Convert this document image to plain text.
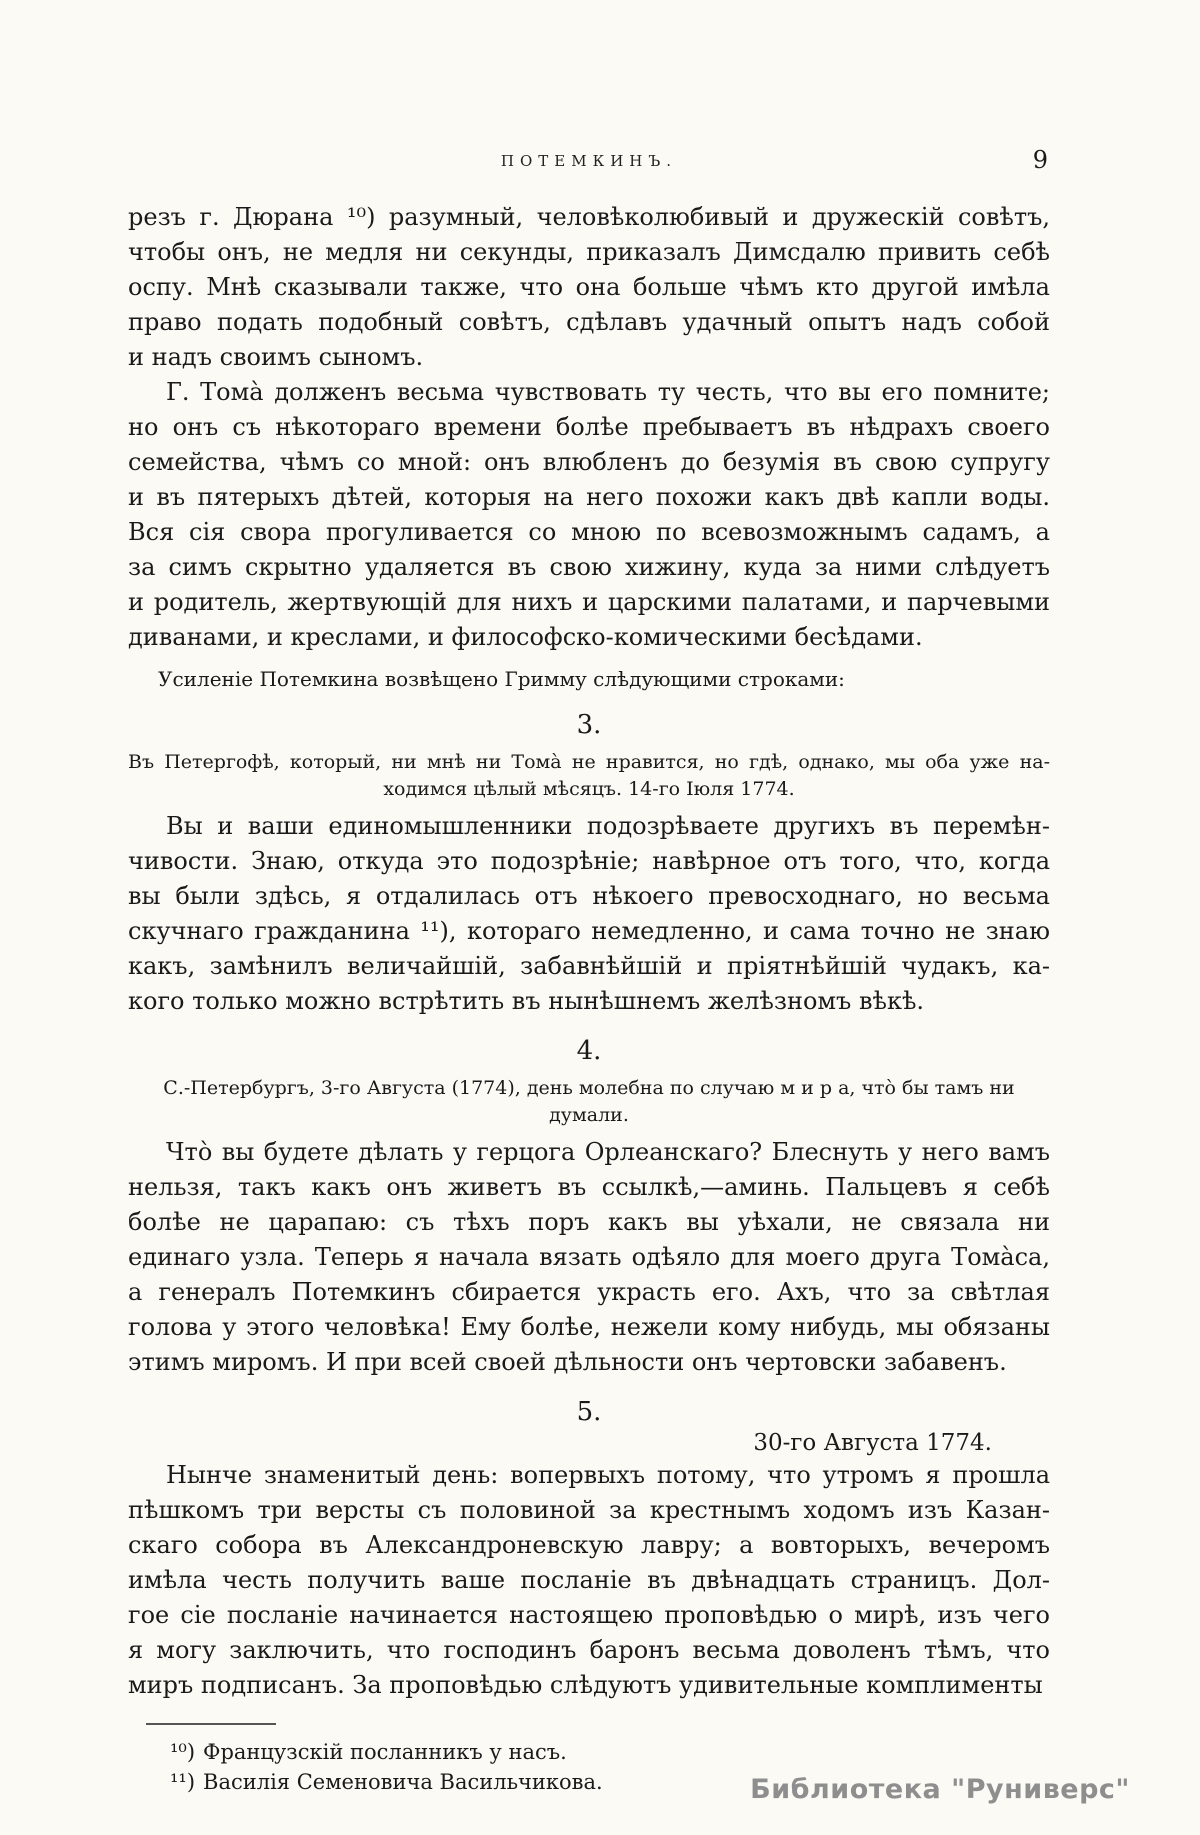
ПОТЕМКИНЪ.	9
резъ г. Дюрана ¹⁰) разумный, человѣколюбивый и дружескій совѣтъ,
чтобы онъ, не медля ни секунды, приказалъ Димсдалю привить себѣ
оспу. Мнѣ сказывали также, что она больше чѣмъ кто другой имѣла
право подать подобный совѣтъ, сдѣлавъ удачный опытъ надъ собой
и надъ своимъ сыномъ.
Г. Томà долженъ весьма чувствовать ту честь, что вы его помните;
но онъ съ нѣкотораго времени болѣе пребываетъ въ нѣдрахъ своего
семейства, чѣмъ со мной: онъ влюбленъ до безумія въ свою супругу
и въ пятерыхъ дѣтей, которыя на него похожи какъ двѣ капли воды.
Вся сія свора прогуливается со мною по всевозможнымъ садамъ, а
за симъ скрытно удаляется въ свою хижину, куда за ними слѣдуетъ
и родитель, жертвующій для нихъ и царскими палатами, и парчевыми
диванами, и креслами, и философско-комическими бесѣдами.
Усиленіе Потемкина возвѣщено Гримму слѣдующими строками:
3.
Въ Петергофѣ, который, ни мнѣ ни Томà не нравится, но гдѣ, однако, мы оба уже на-
ходимся цѣлый мѣсяцъ. 14-го Іюля 1774.
Вы и ваши единомышленники подозрѣваете другихъ въ перемѣн-
чивости. Знаю, откуда это подозрѣніе; навѣрное отъ того, что, когда
вы были здѣсь, я отдалилась отъ нѣкоего превосходнаго, но весьма
скучнаго гражданина ¹¹), котораго немедленно, и сама точно не знаю
какъ, замѣнилъ величайшій, забавнѣйшій и пріятнѣйшій чудакъ, ка-
кого только можно встрѣтить въ нынѣшнемъ желѣзномъ вѣкѣ.
4.
С.-Петербургъ, 3-го Августа (1774), день молебна по случаю м и р а, чтò бы тамъ ни думали.
Чтò вы будете дѣлать у герцога Орлеанскаго? Блеснуть у него вамъ
нельзя, такъ какъ онъ живетъ въ ссылкѣ,—аминь. Пальцевъ я себѣ
болѣе не царапаю: съ тѣхъ поръ какъ вы уѣхали, не связала ни
единаго узла. Теперь я начала вязать одѣяло для моего друга Томàса,
а генералъ Потемкинъ сбирается украсть его. Ахъ, что за свѣтлая
голова у этого человѣка! Ему болѣе, нежели кому нибудь, мы обязаны
этимъ миромъ. И при всей своей дѣльности онъ чертовски забавенъ.
5.
30-го Августа 1774.
Нынче знаменитый день: вопервыхъ потому, что утромъ я прошла
пѣшкомъ три версты съ половиной за крестнымъ ходомъ изъ Казан-
скаго собора въ Александроневскую лавру; а вовторыхъ, вечеромъ
имѣла честь получить ваше посланіе въ двѣнадцать страницъ. Дол-
гое сіе посланіе начинается настоящею проповѣдью о мирѣ, изъ чего
я могу заключить, что господинъ баронъ весьма доволенъ тѣмъ, что
миръ подписанъ. За проповѣдью слѣдуютъ удивительные комплименты
¹⁰) Французскій посланникъ у насъ.
¹¹) Василія Семеновича Васильчикова.	Библиотека "Руниверс"
